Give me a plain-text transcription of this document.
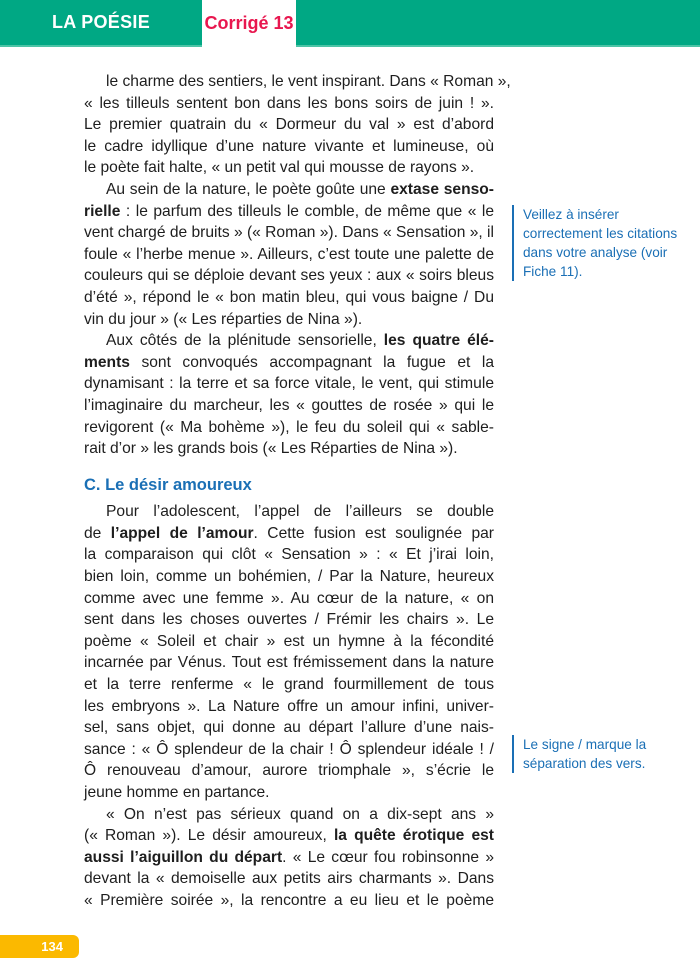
LA POÉSIE	Corrigé 13
le charme des sentiers, le vent inspirant. Dans « Roman »,
« les tilleuls sentent bon dans les bons soirs de juin ! ».
Le premier quatrain du « Dormeur du val » est d’abord
le cadre idyllique d’une nature vivante et lumineuse, où
le poète fait halte, « un petit val qui mousse de rayons ».
Au sein de la nature, le poète goûte une extase senso-
rielle : le parfum des tilleuls le comble, de même que « le
vent chargé de bruits » (« Roman »). Dans « Sensation », il
foule « l’herbe menue ». Ailleurs, c’est toute une palette de
couleurs qui se déploie devant ses yeux : aux « soirs bleus
d’été », répond le « bon matin bleu, qui vous baigne / Du
vin du jour » (« Les réparties de Nina »).
Aux côtés de la plénitude sensorielle, les quatre élé-
ments sont convoqués accompagnant la fugue et la
dynamisant : la terre et sa force vitale, le vent, qui stimule
l’imaginaire du marcheur, les « gouttes de rosée » qui le
revigorent (« Ma bohème »), le feu du soleil qui « sable-
rait d’or » les grands bois (« Les Réparties de Nina »).
C. Le désir amoureux
Pour l’adolescent, l’appel de l’ailleurs se double
de l’appel de l’amour. Cette fusion est soulignée par
la comparaison qui clôt « Sensation » : « Et j’irai loin,
bien loin, comme un bohémien, / Par la Nature, heureux
comme avec une femme ». Au cœur de la nature, « on
sent dans les choses ouvertes / Frémir les chairs ». Le
poème « Soleil et chair » est un hymne à la fécondité
incarnée par Vénus. Tout est frémissement dans la nature
et la terre renferme « le grand fourmillement de tous
les embryons ». La Nature offre un amour infini, univer-
sel, sans objet, qui donne au départ l’allure d’une nais-
sance : « Ô splendeur de la chair ! Ô splendeur idéale ! /
Ô renouveau d’amour, aurore triomphale », s’écrie le
jeune homme en partance.
« On n’est pas sérieux quand on a dix-sept ans »
(« Roman »). Le désir amoureux, la quête érotique est
aussi l’aiguillon du départ. « Le cœur fou robinsonne »
devant la « demoiselle aux petits airs charmants ». Dans
« Première soirée », la rencontre a eu lieu et le poème
Veillez à insérer correctement les citations dans votre analyse (voir Fiche 11).
Le signe / marque la séparation des vers.
134
